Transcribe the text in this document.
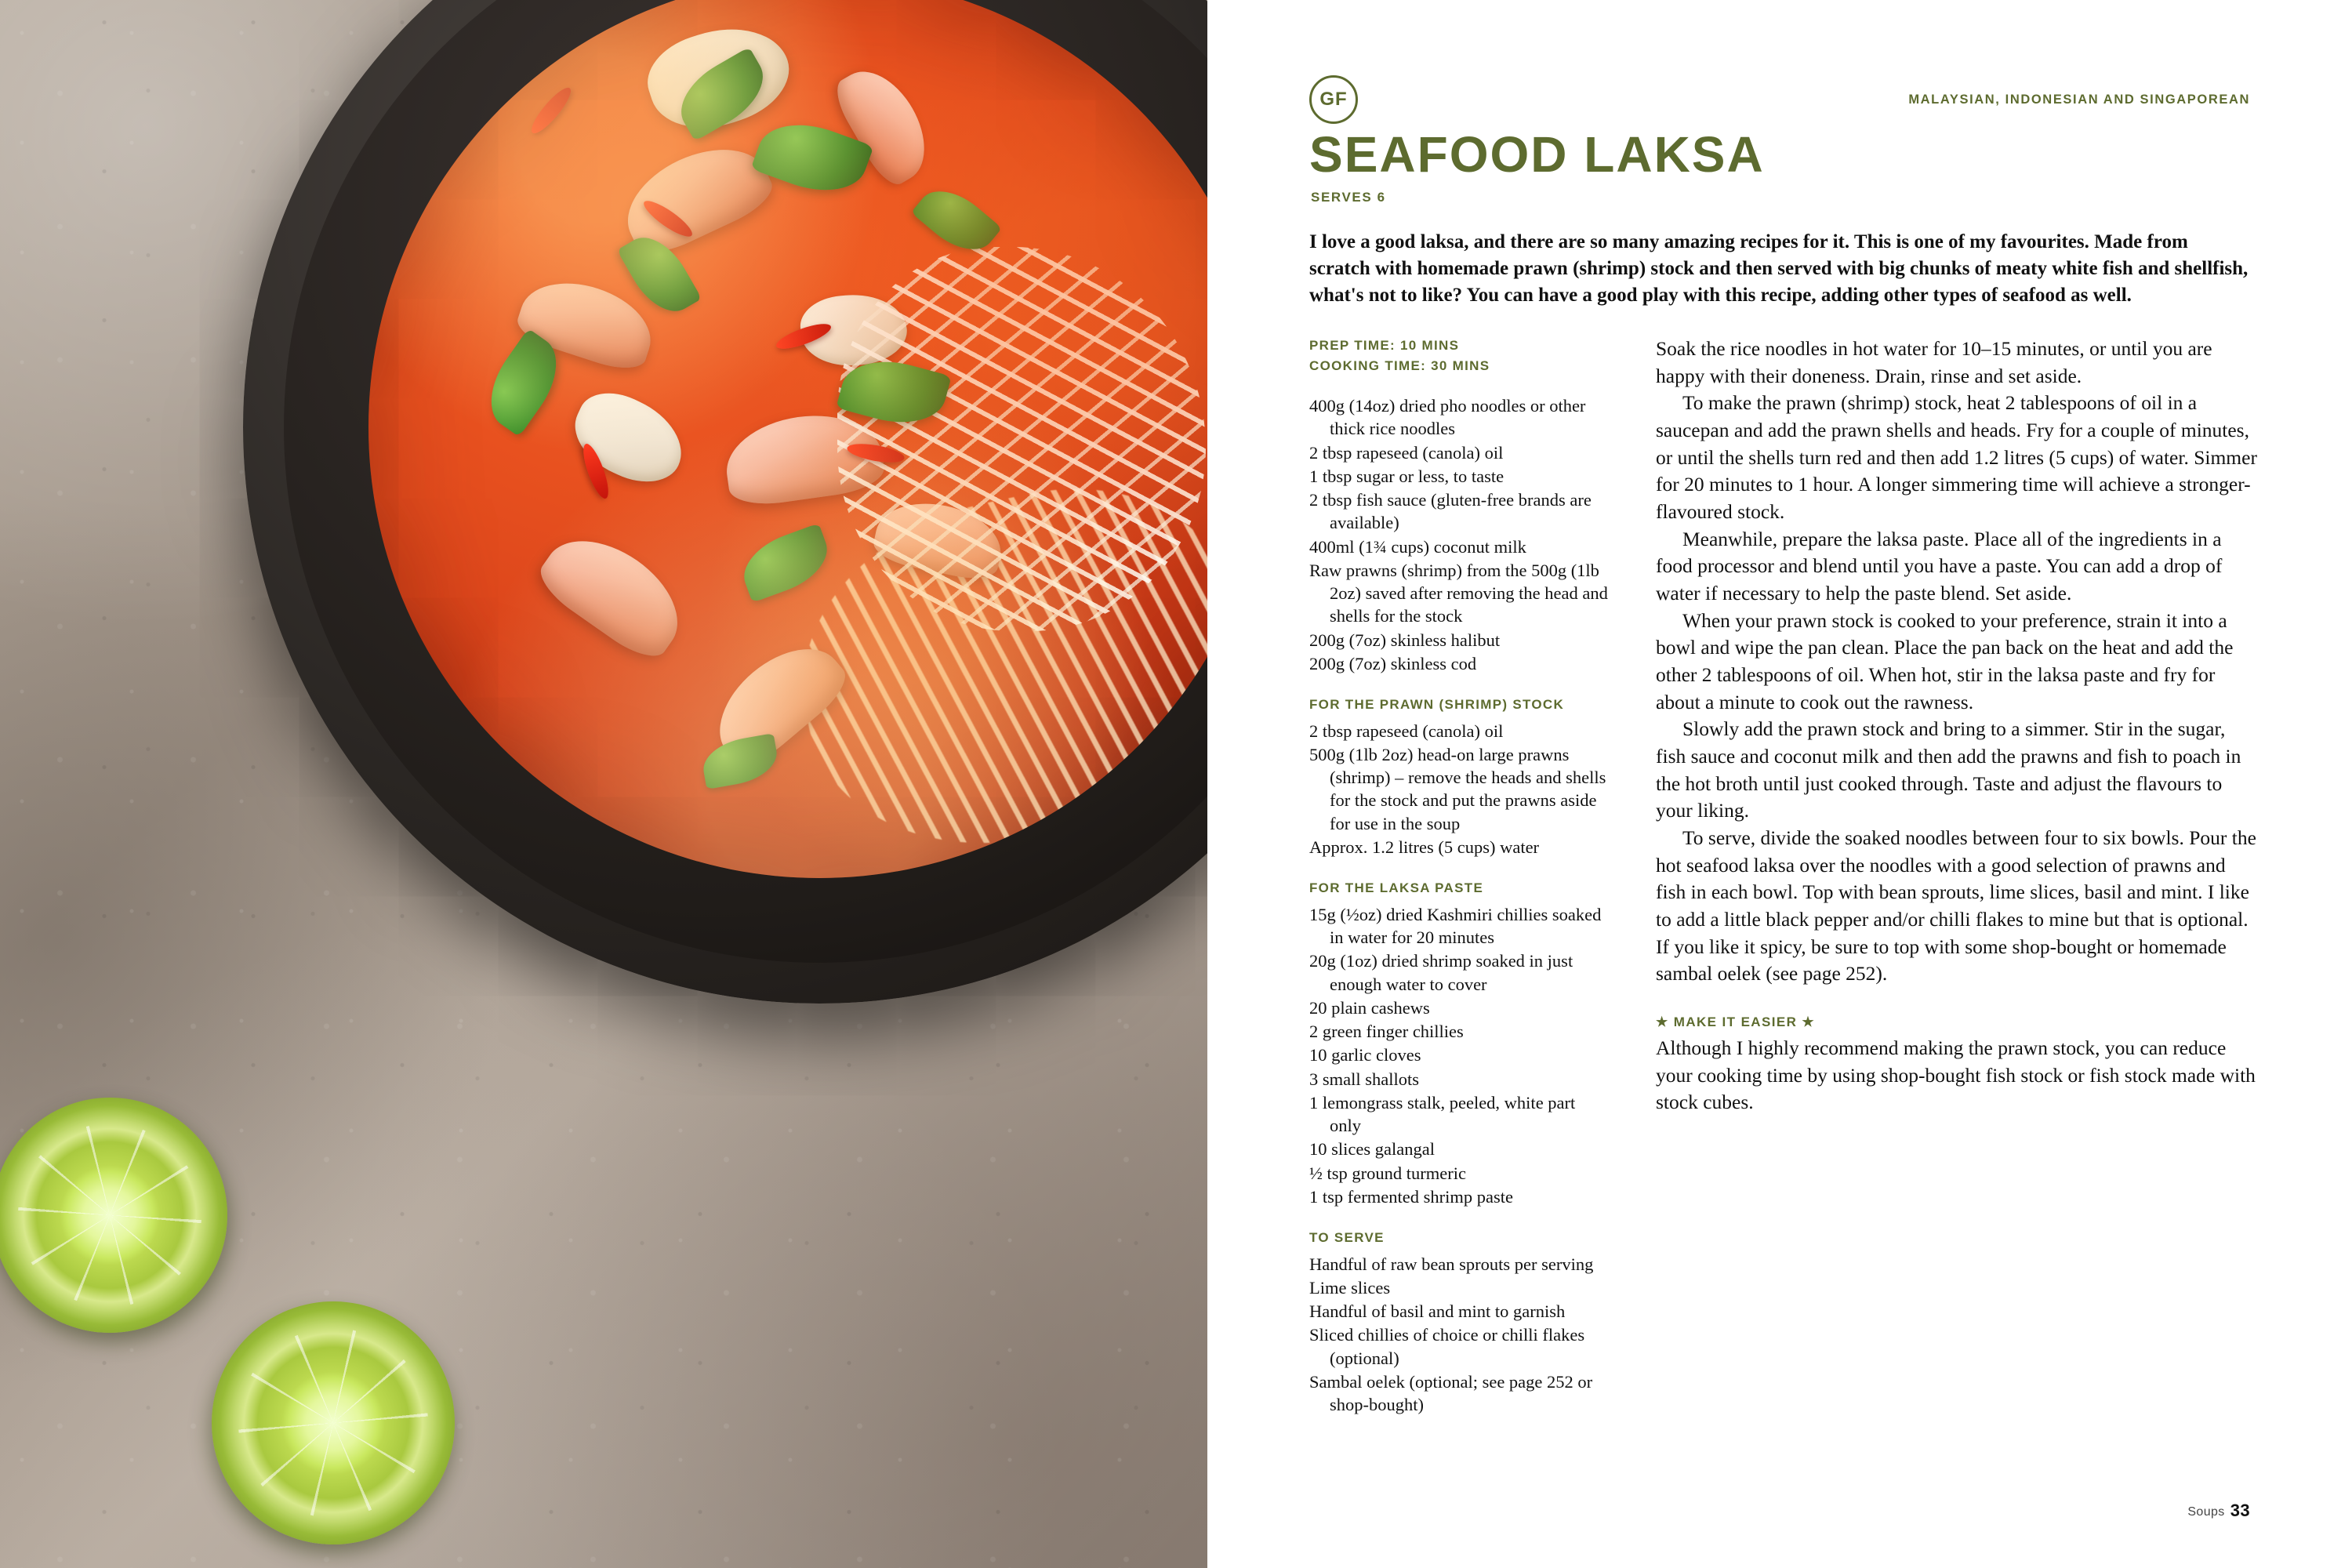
GF	MALAYSIAN, INDONESIAN AND SINGAPOREAN
SEAFOOD LAKSA
SERVES 6
I love a good laksa, and there are so many amazing recipes for it. This is one of my favourites. Made from scratch with homemade prawn (shrimp) stock and then served with big chunks of meaty white fish and shellfish, what's not to like? You can have a good play with this recipe, adding other types of seafood as well.
PREP TIME: 10 MINS
COOKING TIME: 30 MINS
400g (14oz) dried pho noodles or other thick rice noodles
2 tbsp rapeseed (canola) oil
1 tbsp sugar or less, to taste
2 tbsp fish sauce (gluten-free brands are available)
400ml (1¾ cups) coconut milk
Raw prawns (shrimp) from the 500g (1lb 2oz) saved after removing the head and shells for the stock
200g (7oz) skinless halibut
200g (7oz) skinless cod
FOR THE PRAWN (SHRIMP) STOCK
2 tbsp rapeseed (canola) oil
500g (1lb 2oz) head-on large prawns (shrimp) – remove the heads and shells for the stock and put the prawns aside for use in the soup
Approx. 1.2 litres (5 cups) water
FOR THE LAKSA PASTE
15g (½oz) dried Kashmiri chillies soaked in water for 20 minutes
20g (1oz) dried shrimp soaked in just enough water to cover
20 plain cashews
2 green finger chillies
10 garlic cloves
3 small shallots
1 lemongrass stalk, peeled, white part only
10 slices galangal
½ tsp ground turmeric
1 tsp fermented shrimp paste
TO SERVE
Handful of raw bean sprouts per serving
Lime slices
Handful of basil and mint to garnish
Sliced chillies of choice or chilli flakes (optional)
Sambal oelek (optional; see page 252 or shop-bought)

Soak the rice noodles in hot water for 10–15 minutes, or until you are happy with their doneness. Drain, rinse and set aside.

To make the prawn (shrimp) stock, heat 2 tablespoons of oil in a saucepan and add the prawn shells and heads. Fry for a couple of minutes, or until the shells turn red and then add 1.2 litres (5 cups) of water. Simmer for 20 minutes to 1 hour. A longer simmering time will achieve a stronger-flavoured stock.

Meanwhile, prepare the laksa paste. Place all of the ingredients in a food processor and blend until you have a paste. You can add a drop of water if necessary to help the paste blend. Set aside.

When your prawn stock is cooked to your preference, strain it into a bowl and wipe the pan clean. Place the pan back on the heat and add the other 2 tablespoons of oil. When hot, stir in the laksa paste and fry for about a minute to cook out the rawness.

Slowly add the prawn stock and bring to a simmer. Stir in the sugar, fish sauce and coconut milk and then add the prawns and fish to poach in the hot broth until just cooked through. Taste and adjust the flavours to your liking.

To serve, divide the soaked noodles between four to six bowls. Pour the hot seafood laksa over the noodles with a good selection of prawns and fish in each bowl. Top with bean sprouts, lime slices, basil and mint. I like to add a little black pepper and/or chilli flakes to mine but that is optional. If you like it spicy, be sure to top with some shop-bought or homemade sambal oelek (see page 252).

★ MAKE IT EASIER ★
Although I highly recommend making the prawn stock, you can reduce your cooking time by using shop-bought fish stock or fish stock made with stock cubes.
Soups 33
